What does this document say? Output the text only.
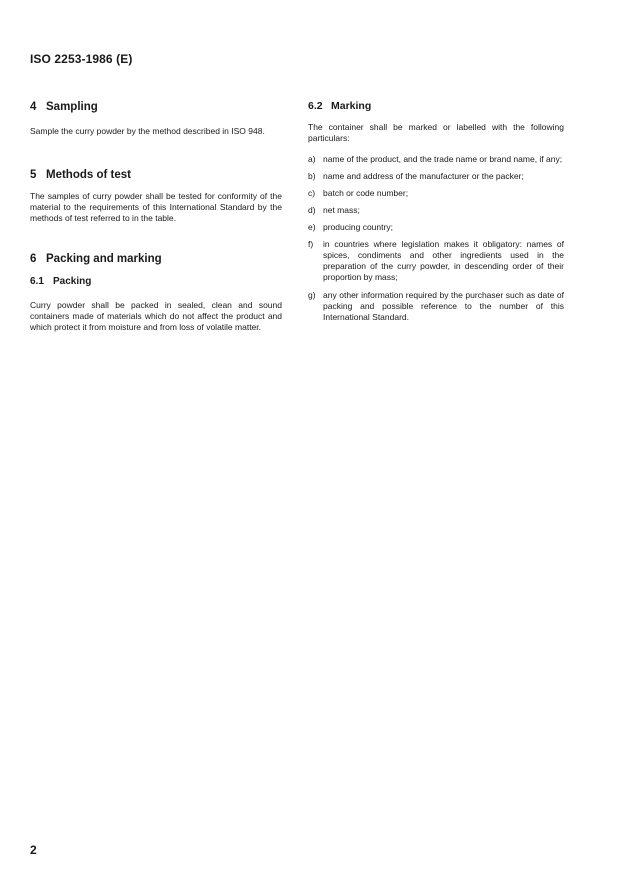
ISO 2253-1986 (E)
4 Sampling

Sample the curry powder by the method described in ISO 948.

5 Methods of test

The samples of curry powder shall be tested for conformity of the material to the requirements of this International Standard by the methods of test referred to in the table.

6 Packing and marking
6.1 Packing

Curry powder shall be packed in sealed, clean and sound containers made of materials which do not affect the product and which protect it from moisture and from loss of volatile matter.

6.2 Marking

The container shall be marked or labelled with the following particulars:

a) name of the product, and the trade name or brand name, if any;
b) name and address of the manufacturer or the packer;
c) batch or code number;
d) net mass;
e) producing country;
f)	in countries where legislation makes it obligatory: names of spices, condiments and other ingredients used in the preparation of the curry powder, in descending order of their proportion by mass;
g) any other information required by the purchaser such as date of packing and possible reference to the number of this International Standard.
2
